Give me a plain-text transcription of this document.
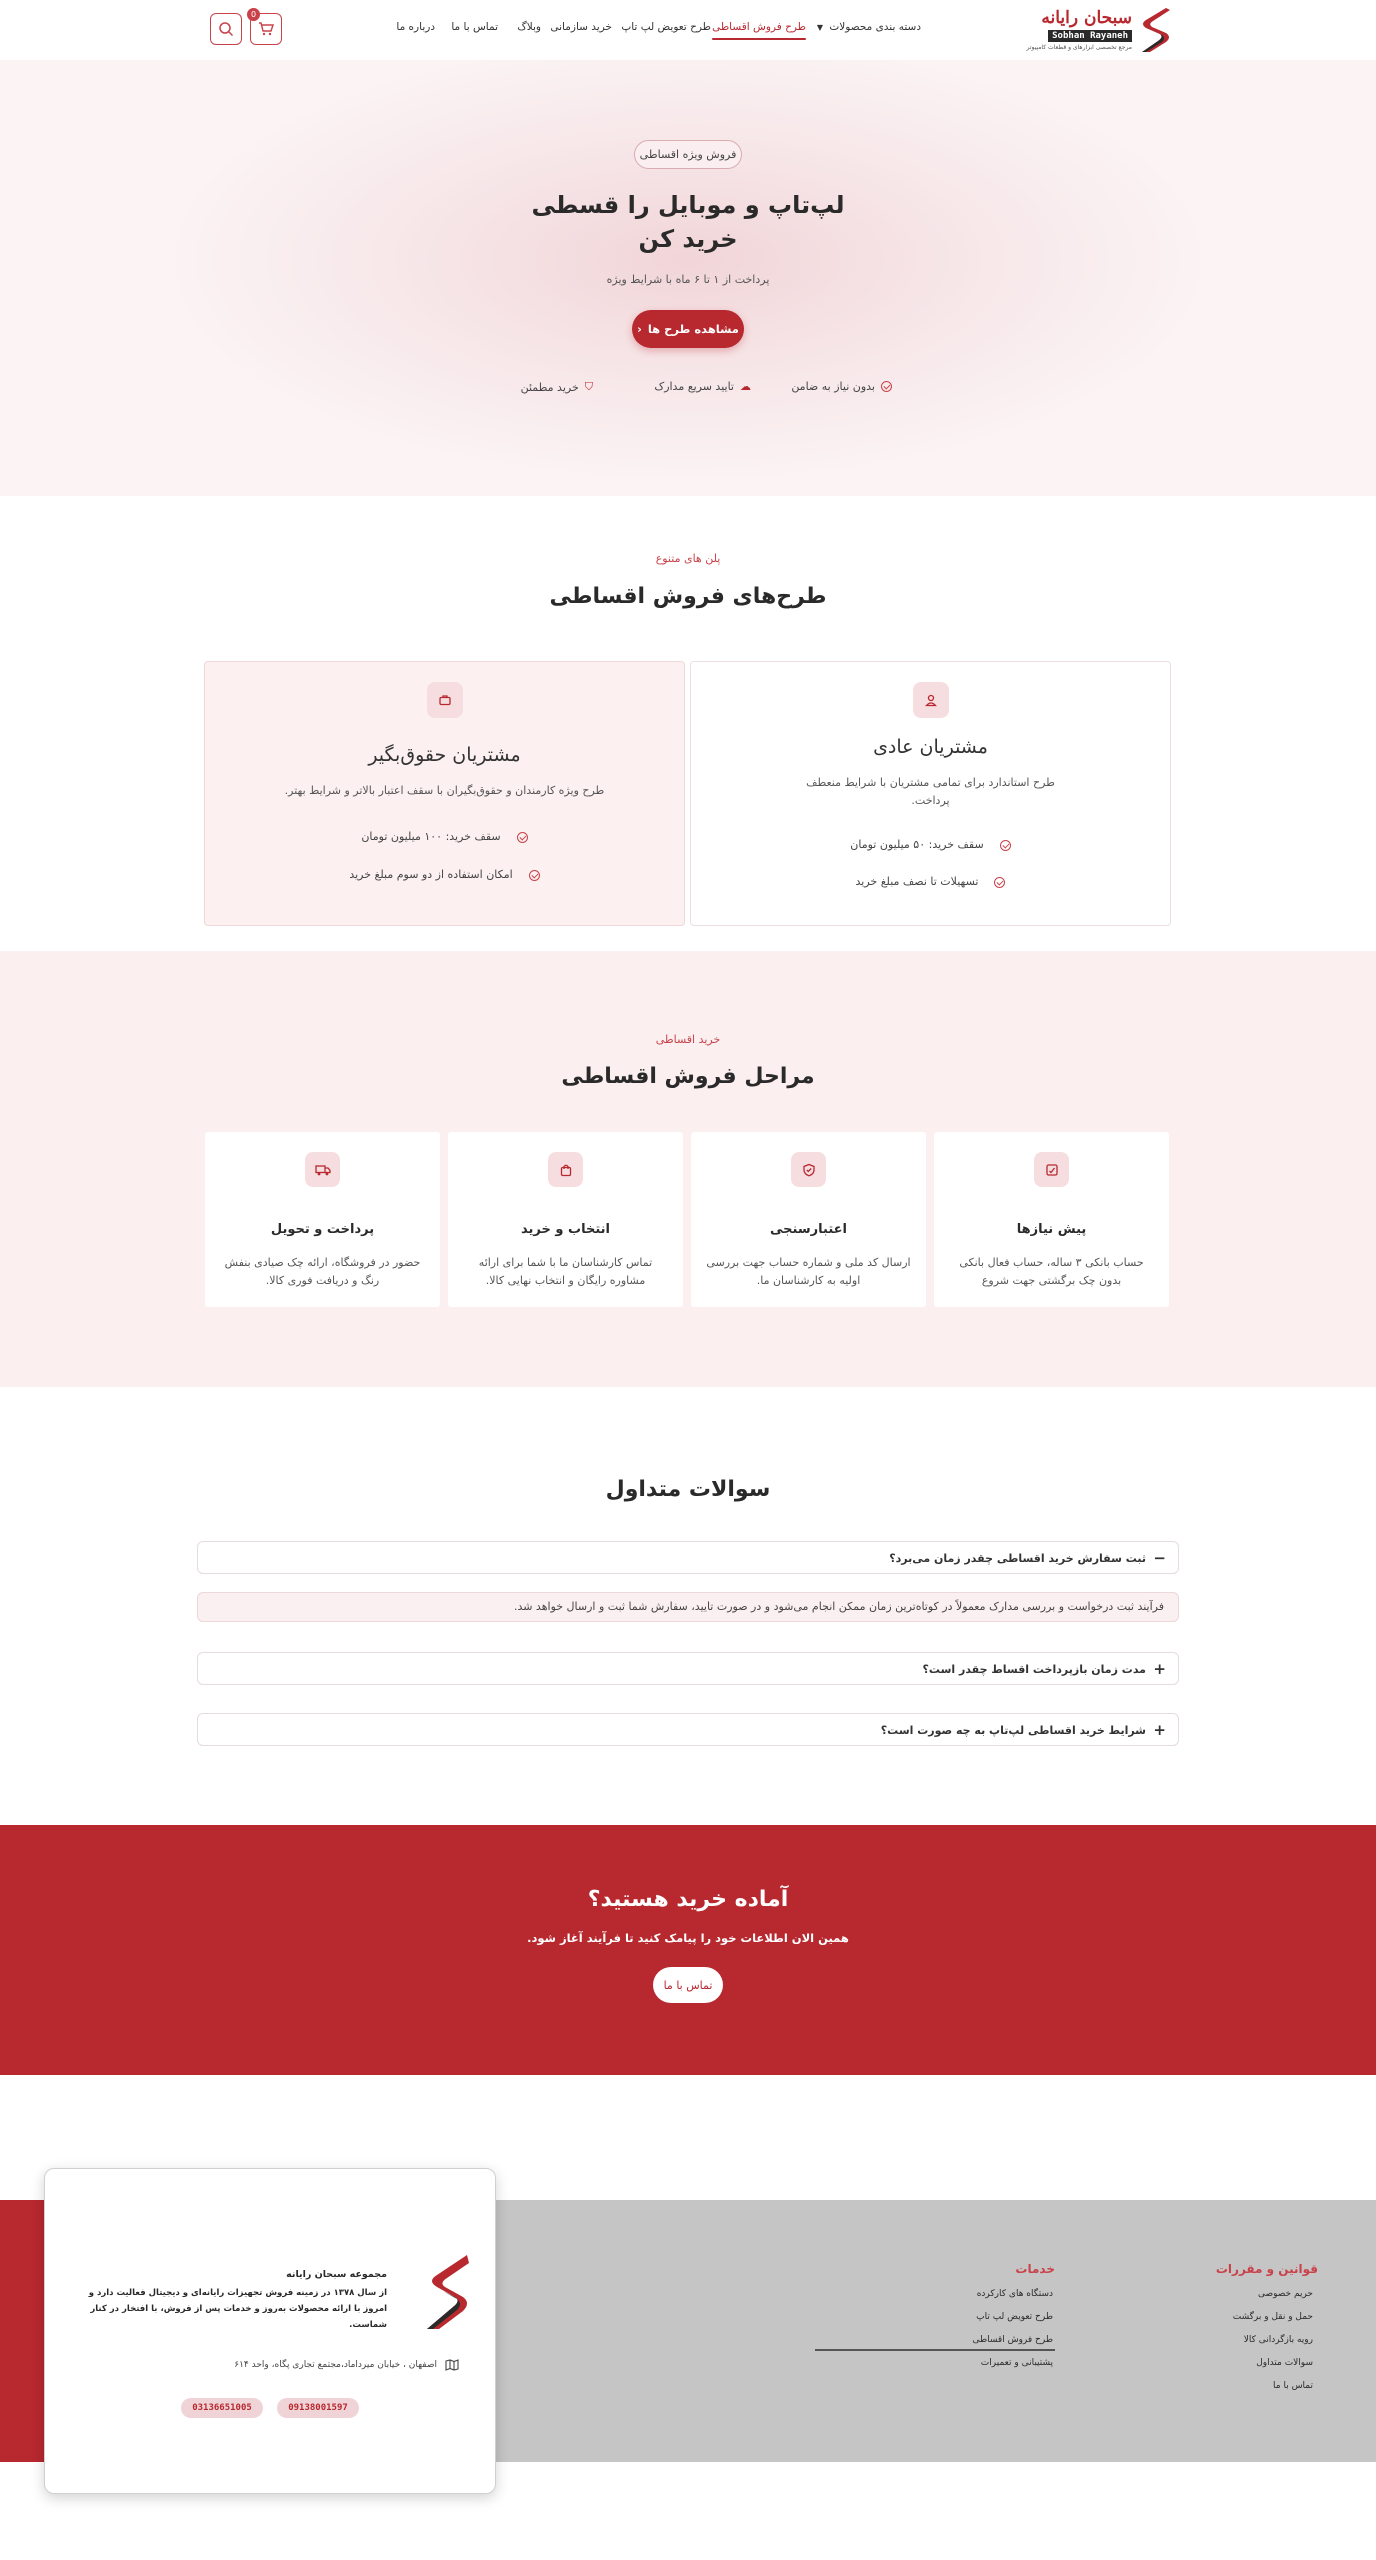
سبحان رایانه
Sobhan Rayaneh
مرجع تخصصی ابزارهای و قطعات کامپیوتر
دسته بندی محصولات ▼
طرح فروش اقساطی
طرح تعویض لپ تاپ
خرید سازمانی
وبلاگ
تماس با ما
درباره ما
0
فروش ویژه اقساطی
لپ‌تاپ و موبایل را قسطی
خرید کن

پرداخت از ۱ تا ۶ ماه با شرایط ویژه

مشاهده طرح ها
‹
بدون نیاز به ضامن
☁
تایید سریع مدارک
⛉
خرید مطمئن
پلن های متنوع
طرح‌های فروش اقساطی
مشتریان عادی
طرح استاندارد برای تمامی مشتریان با شرایط منعطف پرداخت.
سقف خرید: ۵۰ میلیون تومان
تسهیلات تا نصف مبلغ خرید
مشتریان حقوق‌بگیر
طرح ویژه کارمندان و حقوق‌بگیران با سقف اعتبار بالاتر و شرایط بهتر.
سقف خرید: ۱۰۰ میلیون تومان
امکان استفاده از دو سوم مبلغ خرید
خرید اقساطی
مراحل فروش اقساطی
پیش نیازها
حساب بانکی ۳ ساله، حساب فعال بانکی بدون چک برگشتی جهت شروع
اعتبارسنجی
ارسال کد ملی و شماره حساب جهت بررسی اولیه به کارشناسان ما.
انتخاب و خرید
تماس کارشناسان ما با شما برای ارائه مشاوره رایگان و انتخاب نهایی کالا.
پرداخت و تحویل
حضور در فروشگاه، ارائه چک صیادی بنفش رنگ و دریافت فوری کالا.
سوالات متداول
−
ثبت سفارش خرید اقساطی چقدر زمان می‌برد؟
فرآیند ثبت درخواست و بررسی مدارک معمولاً در کوتاه‌ترین زمان ممکن انجام می‌شود و در صورت تایید، سفارش شما ثبت و ارسال خواهد شد.
+
مدت زمان بازپرداخت اقساط چقدر است؟
+
شرایط خرید اقساطی لپ‌تاپ به چه صورت است؟
آماده خرید هستید؟

همین الان اطلاعات خود را پیامک کنید تا فرآیند آغاز شود.

تماس با ما
قوانین و مقررات
حریم خصوصی
حمل و نقل و برگشت
رویه بازگردانی کالا
سوالات متداول
تماس با ما
خدمات
دستگاه های کارکرده
طرح تعویض لپ تاپ
طرح فروش اقساطی
پشتیبانی و تعمیرات
مجموعه سبحان رایانه
از سال ۱۳۷۸ در زمینه فروش تجهیزات رایانه‌ای و دیجیتال فعالیت دارد و امروز با ارائه محصولات به‌روز و خدمات پس از فروش، با افتخار در کنار شماست.
اصفهان ، خیابان میرداماد،مجتمع تجاری پگاه، واحد ۶۱۴
09138001597
03136651005
